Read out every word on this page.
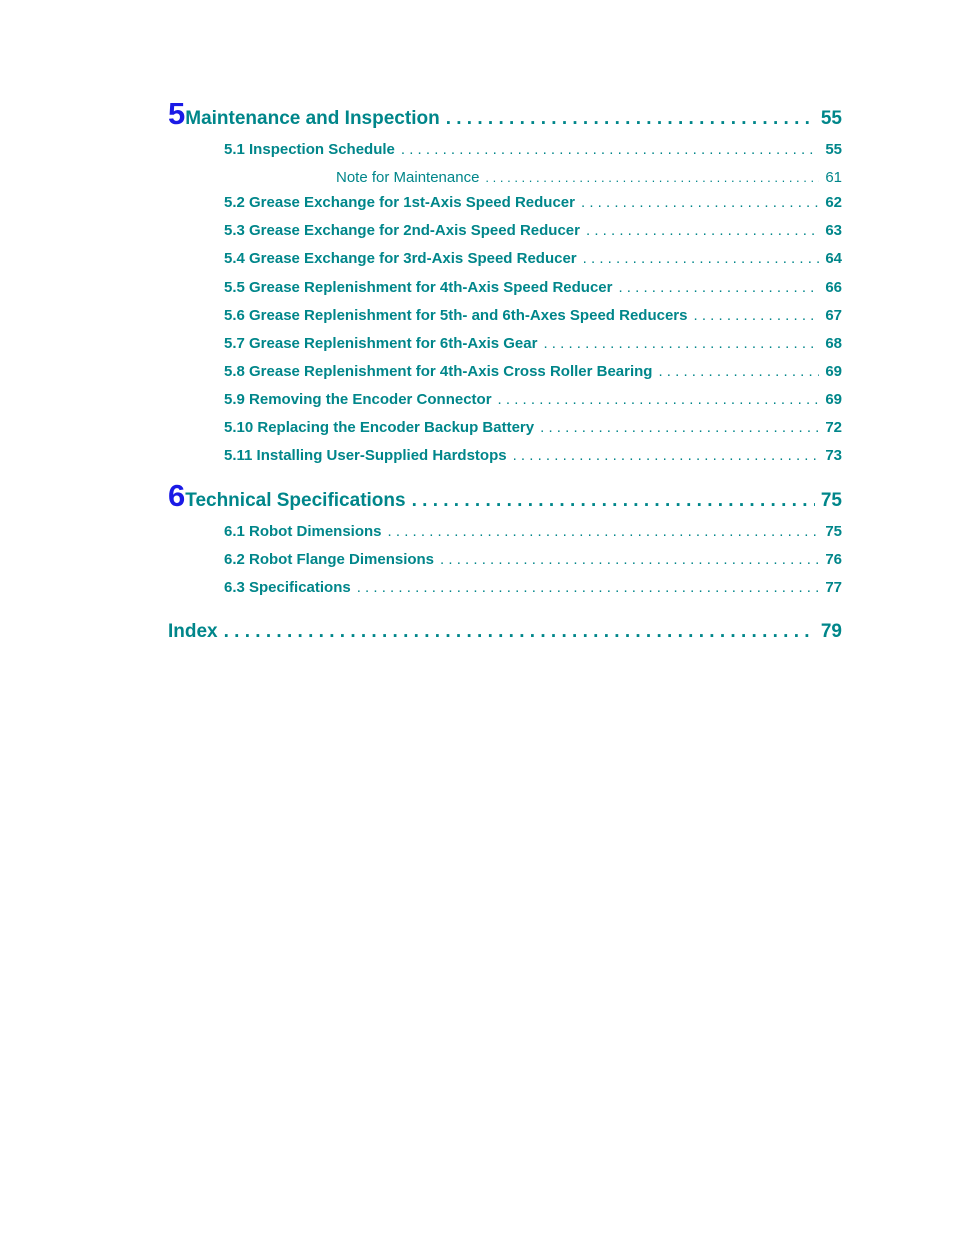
5 Maintenance and Inspection . . .	55
5.1 Inspection Schedule . . .	55
Note for Maintenance . . .	61
5.2 Grease Exchange for 1st-Axis Speed Reducer . . .	62
5.3 Grease Exchange for 2nd-Axis Speed Reducer . . .	63
5.4 Grease Exchange for 3rd-Axis Speed Reducer . . .	64
5.5 Grease Replenishment for 4th-Axis Speed Reducer . . .	66
5.6 Grease Replenishment for 5th- and 6th-Axes Speed Reducers . . .	67
5.7 Grease Replenishment for 6th-Axis Gear . . .	68
5.8 Grease Replenishment for 4th-Axis Cross Roller Bearing . . .	69
5.9 Removing the Encoder Connector . . .	69
5.10 Replacing the Encoder Backup Battery . . .	72
5.11 Installing User-Supplied Hardstops . . .	73
6 Technical Specifications . . .	75
6.1 Robot Dimensions . . .	75
6.2 Robot Flange Dimensions . . .	76
6.3 Specifications . . .	77
Index . . .	79
